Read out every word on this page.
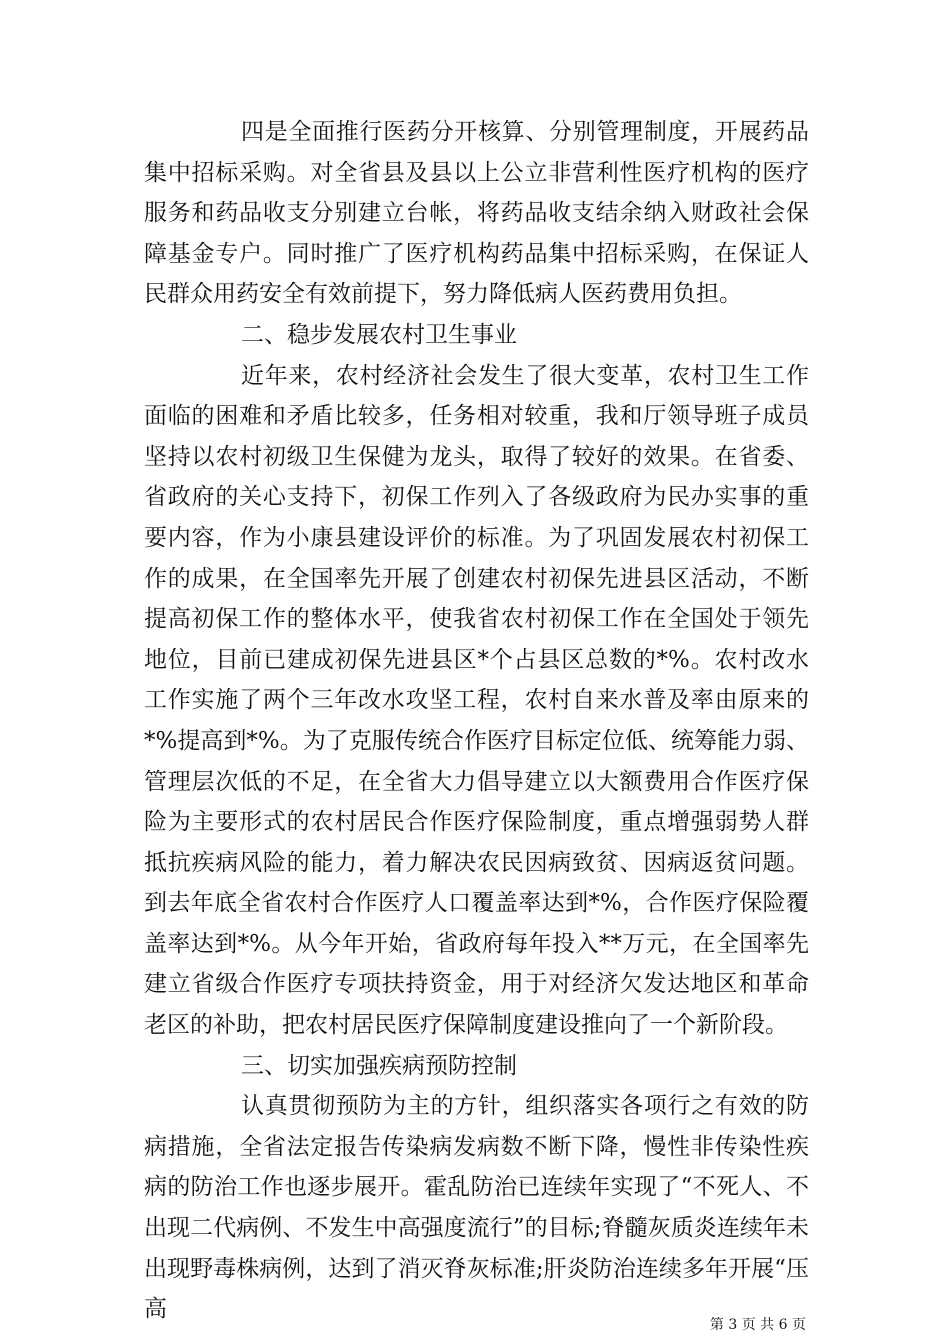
四是全面推行医药分开核算、分别管理制度，开展药品集中招标采购。对全省县及县以上公立非营利性医疗机构的医疗服务和药品收支分别建立台帐，将药品收支结余纳入财政社会保障基金专户。同时推广了医疗机构药品集中招标采购，在保证人民群众用药安全有效前提下，努力降低病人医药费用负担。

二、稳步发展农村卫生事业

近年来，农村经济社会发生了很大变革，农村卫生工作面临的困难和矛盾比较多，任务相对较重，我和厅领导班子成员坚持以农村初级卫生保健为龙头，取得了较好的效果。在省委、省政府的关心支持下，初保工作列入了各级政府为民办实事的重要内容，作为小康县建设评价的标准。为了巩固发展农村初保工作的成果，在全国率先开展了创建农村初保先进县区活动，不断提高初保工作的整体水平，使我省农村初保工作在全国处于领先地位，目前已建成初保先进县区*个占县区总数的*%。农村改水工作实施了两个三年改水攻坚工程，农村自来水普及率由原来的*%提高到*%。为了克服传统合作医疗目标定位低、统筹能力弱、管理层次低的不足，在全省大力倡导建立以大额费用合作医疗保险为主要形式的农村居民合作医疗保险制度，重点增强弱势人群抵抗疾病风险的能力，着力解决农民因病致贫、因病返贫问题。到去年底全省农村合作医疗人口覆盖率达到*%，合作医疗保险覆盖率达到*%。从今年开始，省政府每年投入**万元，在全国率先建立省级合作医疗专项扶持资金，用于对经济欠发达地区和革命老区的补助，把农村居民医疗保障制度建设推向了一个新阶段。

三、切实加强疾病预防控制

认真贯彻预防为主的方针，组织落实各项行之有效的防病措施，全省法定报告传染病发病数不断下降，慢性非传染性疾病的防治工作也逐步展开。霍乱防治已连续年实现了“不死人、不出现二代病例、不发生中高强度流行”的目标;脊髓灰质炎连续年未出现野毒株病例，达到了消灭脊灰标准;肝炎防治连续多年开展“压高

第 3 页 共 6 页
